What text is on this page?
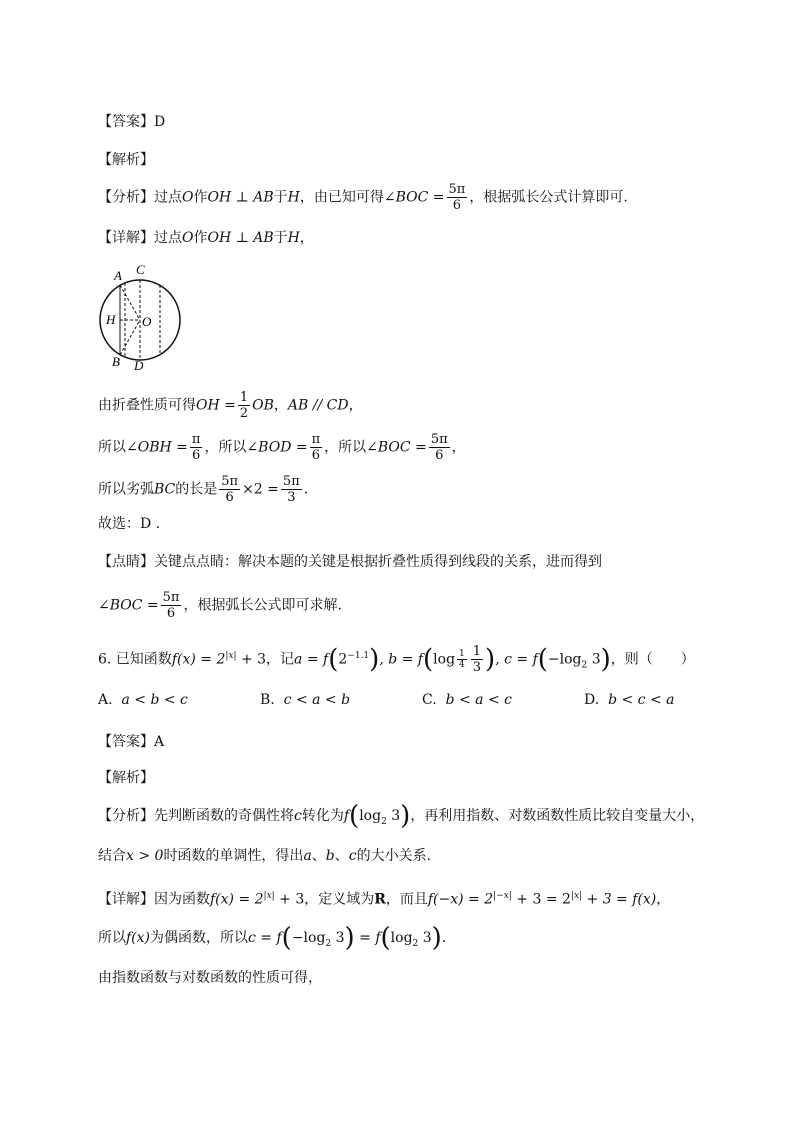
【答案】D
【解析】
【分析】过点O作OH ⊥ AB于H，由已知可得∠BOC = $\frac{5\pi}{6}$ ，根据弧长公式计算即可.
【详解】过点O作OH ⊥ AB于H，
A C
H O
B D
由折叠性质可得OH = $\frac{1}{2}$ OB，AB // CD，
所以∠OBH = $\frac{\pi}{6}$ ，所以∠BOD = $\frac{\pi}{6}$ ，所以∠BOC = $\frac{5\pi}{6}$ ，
所以劣弧BC的长是 $\frac{5\pi}{6} \times 2 = \frac{5\pi}{3}$ .
故选：D .
【点睛】关键点点睛：解决本题的关键是根据折叠性质得到线段的关系，进而得到
∠BOC = $\frac{5\pi}{6}$ ，根据弧长公式即可求解.
6. 已知函数$f(x) = 2^{|x|} + 3$，记$a = f(2^{-1.1})$, $b = f(\log \frac{1}{4} \frac{1}{3}$ ), $c = f(-\log_2$ 3)，则（　　）
A. a < b < c	B. c < a < b	C. b < a < c	D. b < c < a
【答案】A
【解析】
【分析】先判断函数的奇偶性将c转化为$f(\log_2$ 3)，再利用指数、对数函数性质比较自变量大小，
结合x > 0时函数的单调性，得出a、b、c的大小关系.
【详解】因为函数$f(x) = 2^{|x|} + 3$，定义域为R，而且$f(-x) = 2^{|-x|} + 3 = 2^{|x|} + 3 = f(x)$，
所以f(x)为偶函数，所以$c = f(-\log_2$ $3) = f(\log_2$ 3).
由指数函数与对数函数的性质可得，
